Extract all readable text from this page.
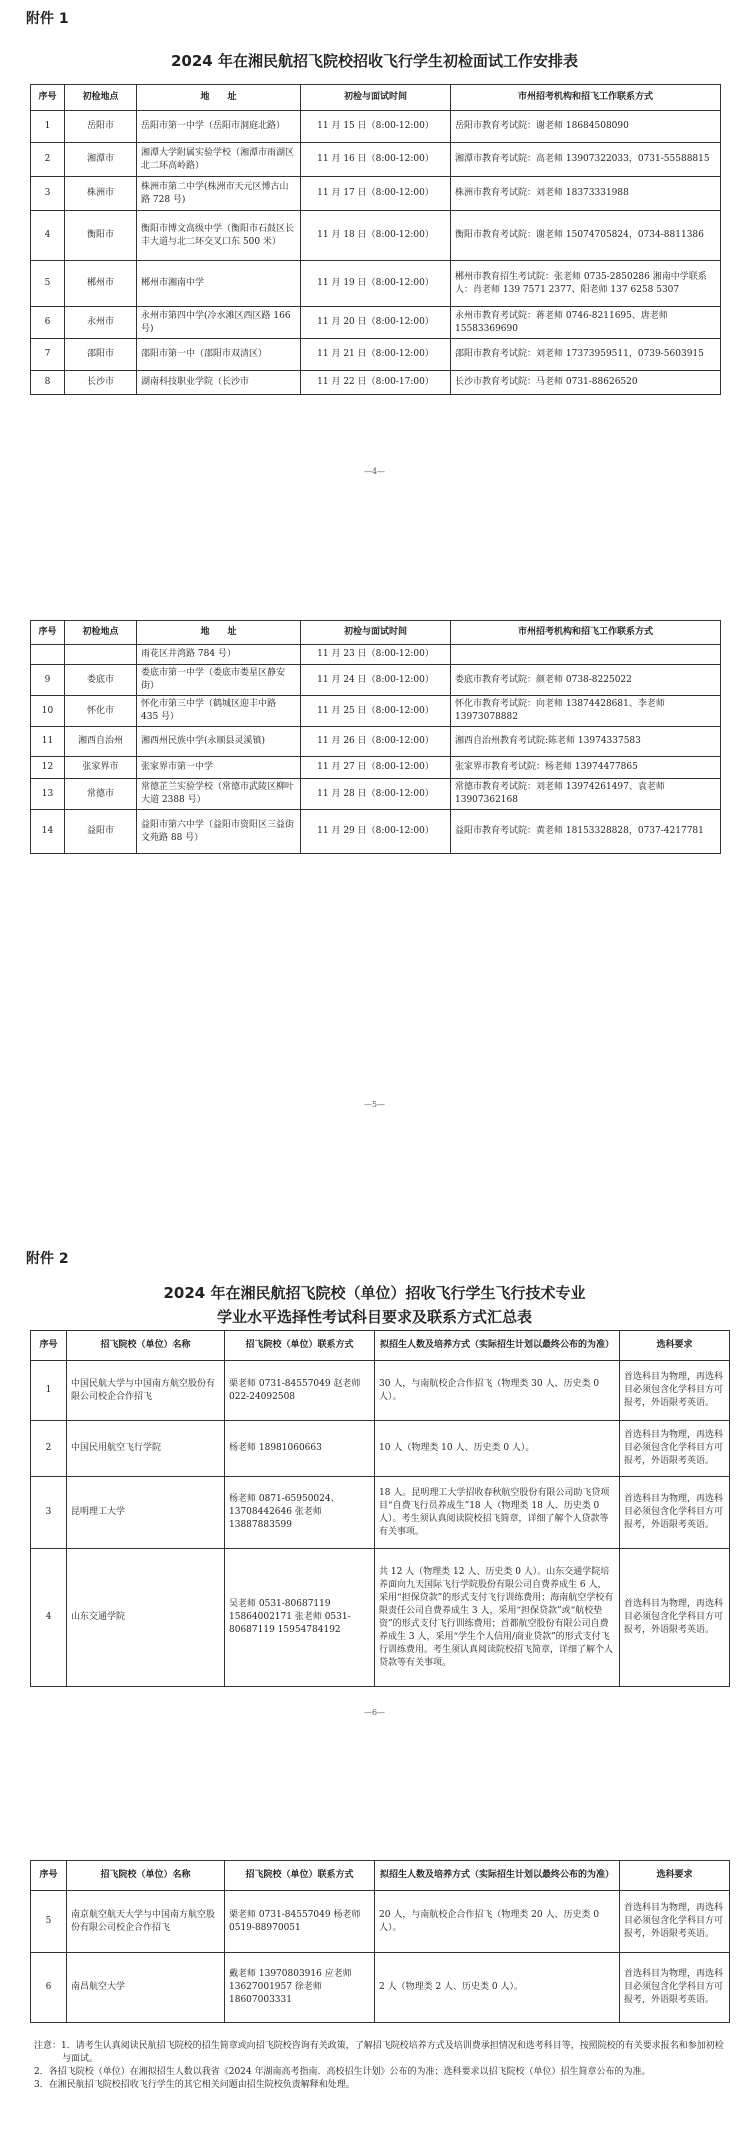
附件 1
2024 年在湘民航招飞院校招收飞行学生初检面试工作安排表
序号	初检地点	地　　址	初检与面试时间	市州招考机构和招飞工作联系方式
1	岳阳市	岳阳市第一中学（岳阳市洞庭北路）	11 月 15 日（8:00-12:00）	岳阳市教育考试院：谢老师 18684508090
2	湘潭市	湘潭大学附属实验学校（湘潭市雨湖区北二环高岭路）	11 月 16 日（8:00-12:00）	湘潭市教育考试院：高老师 13907322033，0731-55588815
3	株洲市	株洲市第二中学(株洲市天元区博古山路 728 号)	11 月 17 日（8:00-12:00）	株洲市教育考试院：刘老师 18373331988
4	衡阳市	衡阳市博文高级中学（衡阳市石鼓区长丰大道与北二环交叉口东 500 米）	11 月 18 日（8:00-12:00）	衡阳市教育考试院：谢老师 15074705824，0734-8811386
5	郴州市	郴州市湘南中学	11 月 19 日（8:00-12:00）	郴州市教育招生考试院：张老师 0735-2850286 湘南中学联系人：肖老师 139 7571 2377、阳老师 137 6258 5307
6	永州市	永州市第四中学(冷水滩区西区路 166 号)	11 月 20 日（8:00-12:00）	永州市教育考试院：蒋老师 0746-8211695、唐老师 15583369690
7	邵阳市	邵阳市第一中（邵阳市双清区）	11 月 21 日（8:00-12:00）	邵阳市教育考试院：刘老师 17373959511，0739-5603915
8	长沙市	湖南科技职业学院（长沙市	11 月 22 日（8:00-17:00）	长沙市教育考试院：马老师 0731-88626520
—4—
序号	初检地点	地　　址	初检与面试时间	市州招考机构和招飞工作联系方式
		雨花区井湾路 784 号）	11 月 23 日（8:00-12:00）	
9	娄底市	娄底市第一中学（娄底市娄星区静安街）	11 月 24 日（8:00-12:00）	娄底市教育考试院：颜老师 0738-8225022
10	怀化市	怀化市第三中学（鹤城区迎丰中路 435 号）	11 月 25 日（8:00-12:00）	怀化市教育考试院：向老师 13874428681、李老师 13973078882
11	湘西自治州	湘西州民族中学(永顺县灵溪镇)	11 月 26 日（8:00-12:00）	湘西自治州教育考试院:陈老师 13974337583
12	张家界市	张家界市第一中学	11 月 27 日（8:00-12:00）	张家界市教育考试院：杨老师 13974477865
13	常德市	常德芷兰实验学校（常德市武陵区柳叶大道 2388 号）	11 月 28 日（8:00-12:00）	常德市教育考试院：刘老师 13974261497、袁老师 13907362168
14	益阳市	益阳市第六中学（益阳市资阳区三益街文苑路 88 号）	11 月 29 日（8:00-12:00）	益阳市教育考试院：黄老师 18153328828，0737-4217781
—5—
附件 2
2024 年在湘民航招飞院校（单位）招收飞行学生飞行技术专业
学业水平选择性考试科目要求及联系方式汇总表
序号	招飞院校（单位）名称	招飞院校（单位）联系方式	拟招生人数及培养方式（实际招生计划以最终公布的为准）	选科要求
1	中国民航大学与中国南方航空股份有限公司校企合作招飞	栗老师 0731-84557049 赵老师 022-24092508	30 人，与南航校企合作招飞（物理类 30 人、历史类 0 人）。	首选科目为物理，再选科目必须包含化学科目方可报考，外语限考英语。
2	中国民用航空飞行学院	杨老师 18981060663	10 人（物理类 10 人、历史类 0 人）。	首选科目为物理，再选科目必须包含化学科目方可报考，外语限考英语。
3	昆明理工大学	杨老师 0871-65950024、13708442646 张老师 13887883599	18 人。昆明理工大学招收春秋航空股份有限公司助飞贷项目“自费飞行员养成生”18 人（物理类 18 人、历史类 0 人）。考生须认真阅读院校招飞简章，详细了解个人贷款等有关事项。	首选科目为物理，再选科目必须包含化学科目方可报考，外语限考英语。
4	山东交通学院	吴老师 0531-80687119 15864002171 张老师 0531-80687119 15954784192	共 12 人（物理类 12 人、历史类 0 人）。山东交通学院培养面向九天国际飞行学院股份有限公司自费养成生 6 人，采用“担保贷款”的形式支付飞行训练费用；海南航空学校有限责任公司自费养成生 3 人，采用“担保贷款”或“航校垫资”的形式支付飞行训练费用；首都航空股份有限公司自费养成生 3 人，采用“学生个人信用/商业贷款”的形式支付飞行训练费用。考生须认真阅读院校招飞简章，详细了解个人贷款等有关事项。	首选科目为物理，再选科目必须包含化学科目方可报考，外语限考英语。
—6—
序号	招飞院校（单位）名称	招飞院校（单位）联系方式	拟招生人数及培养方式（实际招生计划以最终公布的为准）	选科要求
5	南京航空航天大学与中国南方航空股份有限公司校企合作招飞	栗老师 0731-84557049 杨老师 0519-88970051	20 人，与南航校企合作招飞（物理类 20 人、历史类 0 人）。	首选科目为物理，再选科目必须包含化学科目方可报考，外语限考英语。
6	南昌航空大学	戴老师 13970803916 应老师 13627001957 徐老师 18607003331	2 人（物理类 2 人、历史类 0 人）。	首选科目为物理，再选科目必须包含化学科目方可报考，外语限考英语。
注意：1．请考生认真阅读民航招飞院校的招生简章或向招飞院校咨询有关政策，了解招飞院校培养方式及培训费承担情况和选考科目等，按照院校的有关要求报名和参加初检与面试。
2．各招飞院校（单位）在湘拟招生人数以我省《2024 年湖南高考指南．高校招生计划》公布的为准；选科要求以招飞院校（单位）招生简章公布的为准。
3．在湘民航招飞院校招收飞行学生的其它相关问题由招生院校负责解释和处理。
